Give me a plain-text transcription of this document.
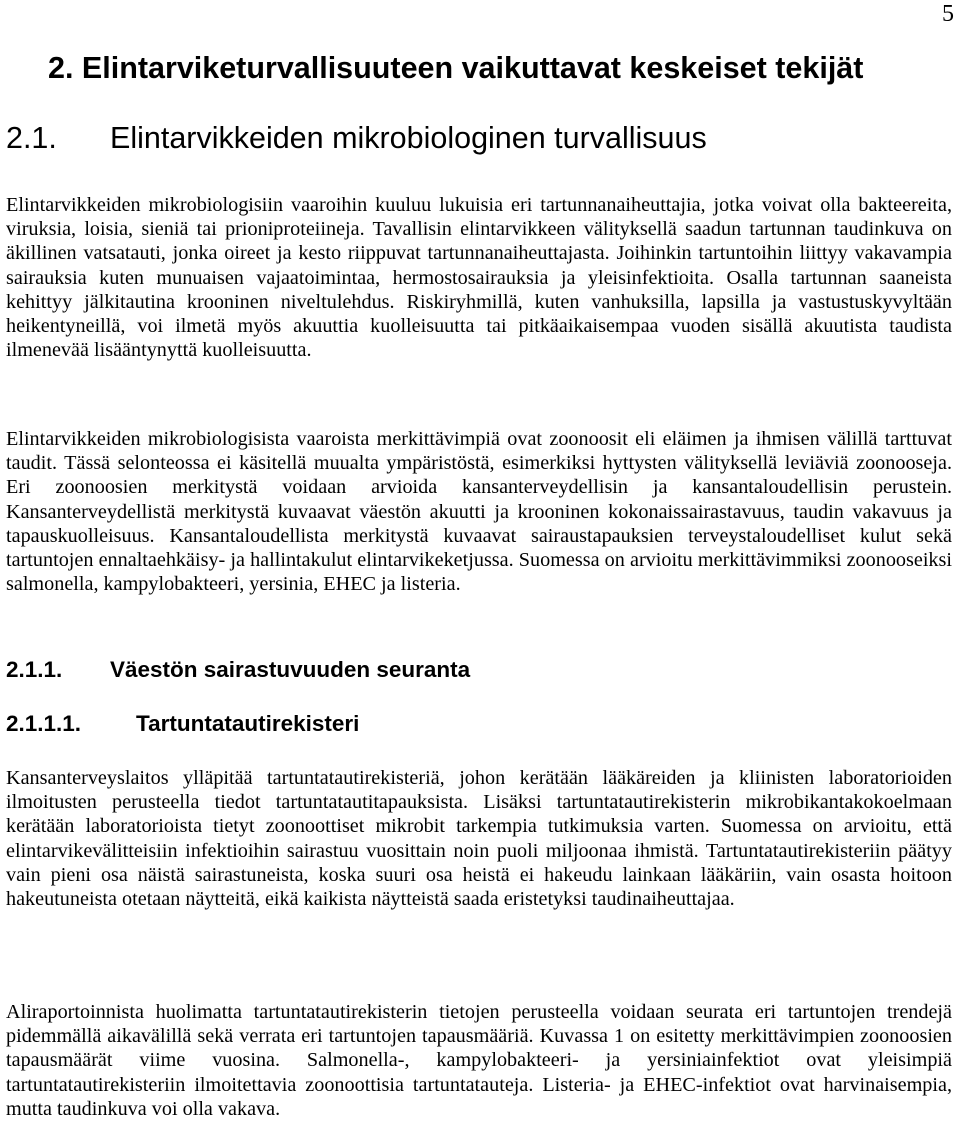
5
2. Elintarviketurvallisuuteen vaikuttavat keskeiset tekijät
2.1. Elintarvikkeiden mikrobiologinen turvallisuus

Elintarvikkeiden mikrobiologisiin vaaroihin kuuluu lukuisia eri tartunnanaiheuttajia, jotka voivat olla bakteereita, viruksia, loisia, sieniä tai prioniproteiineja. Tavallisin elintarvikkeen välityksellä saadun tartunnan taudinkuva on äkillinen vatsatauti, jonka oireet ja kesto riippuvat tartunnanaiheuttajasta. Joihinkin tartuntoihin liittyy vakavampia sairauksia kuten munuaisen vajaatoimintaa, hermostosairauksia ja yleisinfektioita. Osalla tartunnan saaneista kehittyy jälkitautina krooninen niveltulehdus. Riskiryhmillä, kuten vanhuksilla, lapsilla ja vastustuskyvyltään heikentyneillä, voi ilmetä myös akuuttia kuolleisuutta tai pitkäaikaisempaa vuoden sisällä akuutista taudista ilmenevää lisääntynyttä kuolleisuutta.

Elintarvikkeiden mikrobiologisista vaaroista merkittävimpiä ovat zoonoosit eli eläimen ja ihmisen välillä tarttuvat taudit. Tässä selonteossa ei käsitellä muualta ympäristöstä, esimerkiksi hyttysten välityksellä leviäviä zoonooseja. Eri zoonoosien merkitystä voidaan arvioida kansanterveydellisin ja kansantaloudellisin perustein. Kansanterveydellistä merkitystä kuvaavat väestön akuutti ja krooninen kokonaissairastavuus, taudin vakavuus ja tapauskuolleisuus. Kansantaloudellista merkitystä kuvaavat sairaustapauksien terveystaloudelliset kulut sekä tartuntojen ennaltaehkäisy- ja hallintakulut elintarvikeketjussa. Suomessa on arvioitu merkittävimmiksi zoonooseiksi salmonella, kampylobakteeri, yersinia, EHEC ja listeria.

2.1.1. Väestön sairastuvuuden seuranta
2.1.1.1. Tartuntatautirekisteri

Kansanterveyslaitos ylläpitää tartuntatautirekisteriä, johon kerätään lääkäreiden ja kliinisten laboratorioiden ilmoitusten perusteella tiedot tartuntatautitapauksista. Lisäksi tartuntatautirekisterin mikrobikantakokoelmaan kerätään laboratorioista tietyt zoonoottiset mikrobit tarkempia tutkimuksia varten. Suomessa on arvioitu, että elintarvikevälitteisiin infektioihin sairastuu vuosittain noin puoli miljoonaa ihmistä. Tartuntatautirekisteriin päätyy vain pieni osa näistä sairastuneista, koska suuri osa heistä ei hakeudu lainkaan lääkäriin, vain osasta hoitoon hakeutuneista otetaan näytteitä, eikä kaikista näytteistä saada eristetyksi taudinaiheuttajaa.

Aliraportoinnista huolimatta tartuntatautirekisterin tietojen perusteella voidaan seurata eri tartuntojen trendejä pidemmällä aikavälillä sekä verrata eri tartuntojen tapausmääriä. Kuvassa 1 on esitetty merkittävimpien zoonoosien tapausmäärät viime vuosina. Salmonella-, kampylobakteeri- ja yersiniainfektiot ovat yleisimpiä tartuntatautirekisteriin ilmoitettavia zoonoottisia tartuntatauteja. Listeria- ja EHEC-infektiot ovat harvinaisempia, mutta taudinkuva voi olla vakava.
